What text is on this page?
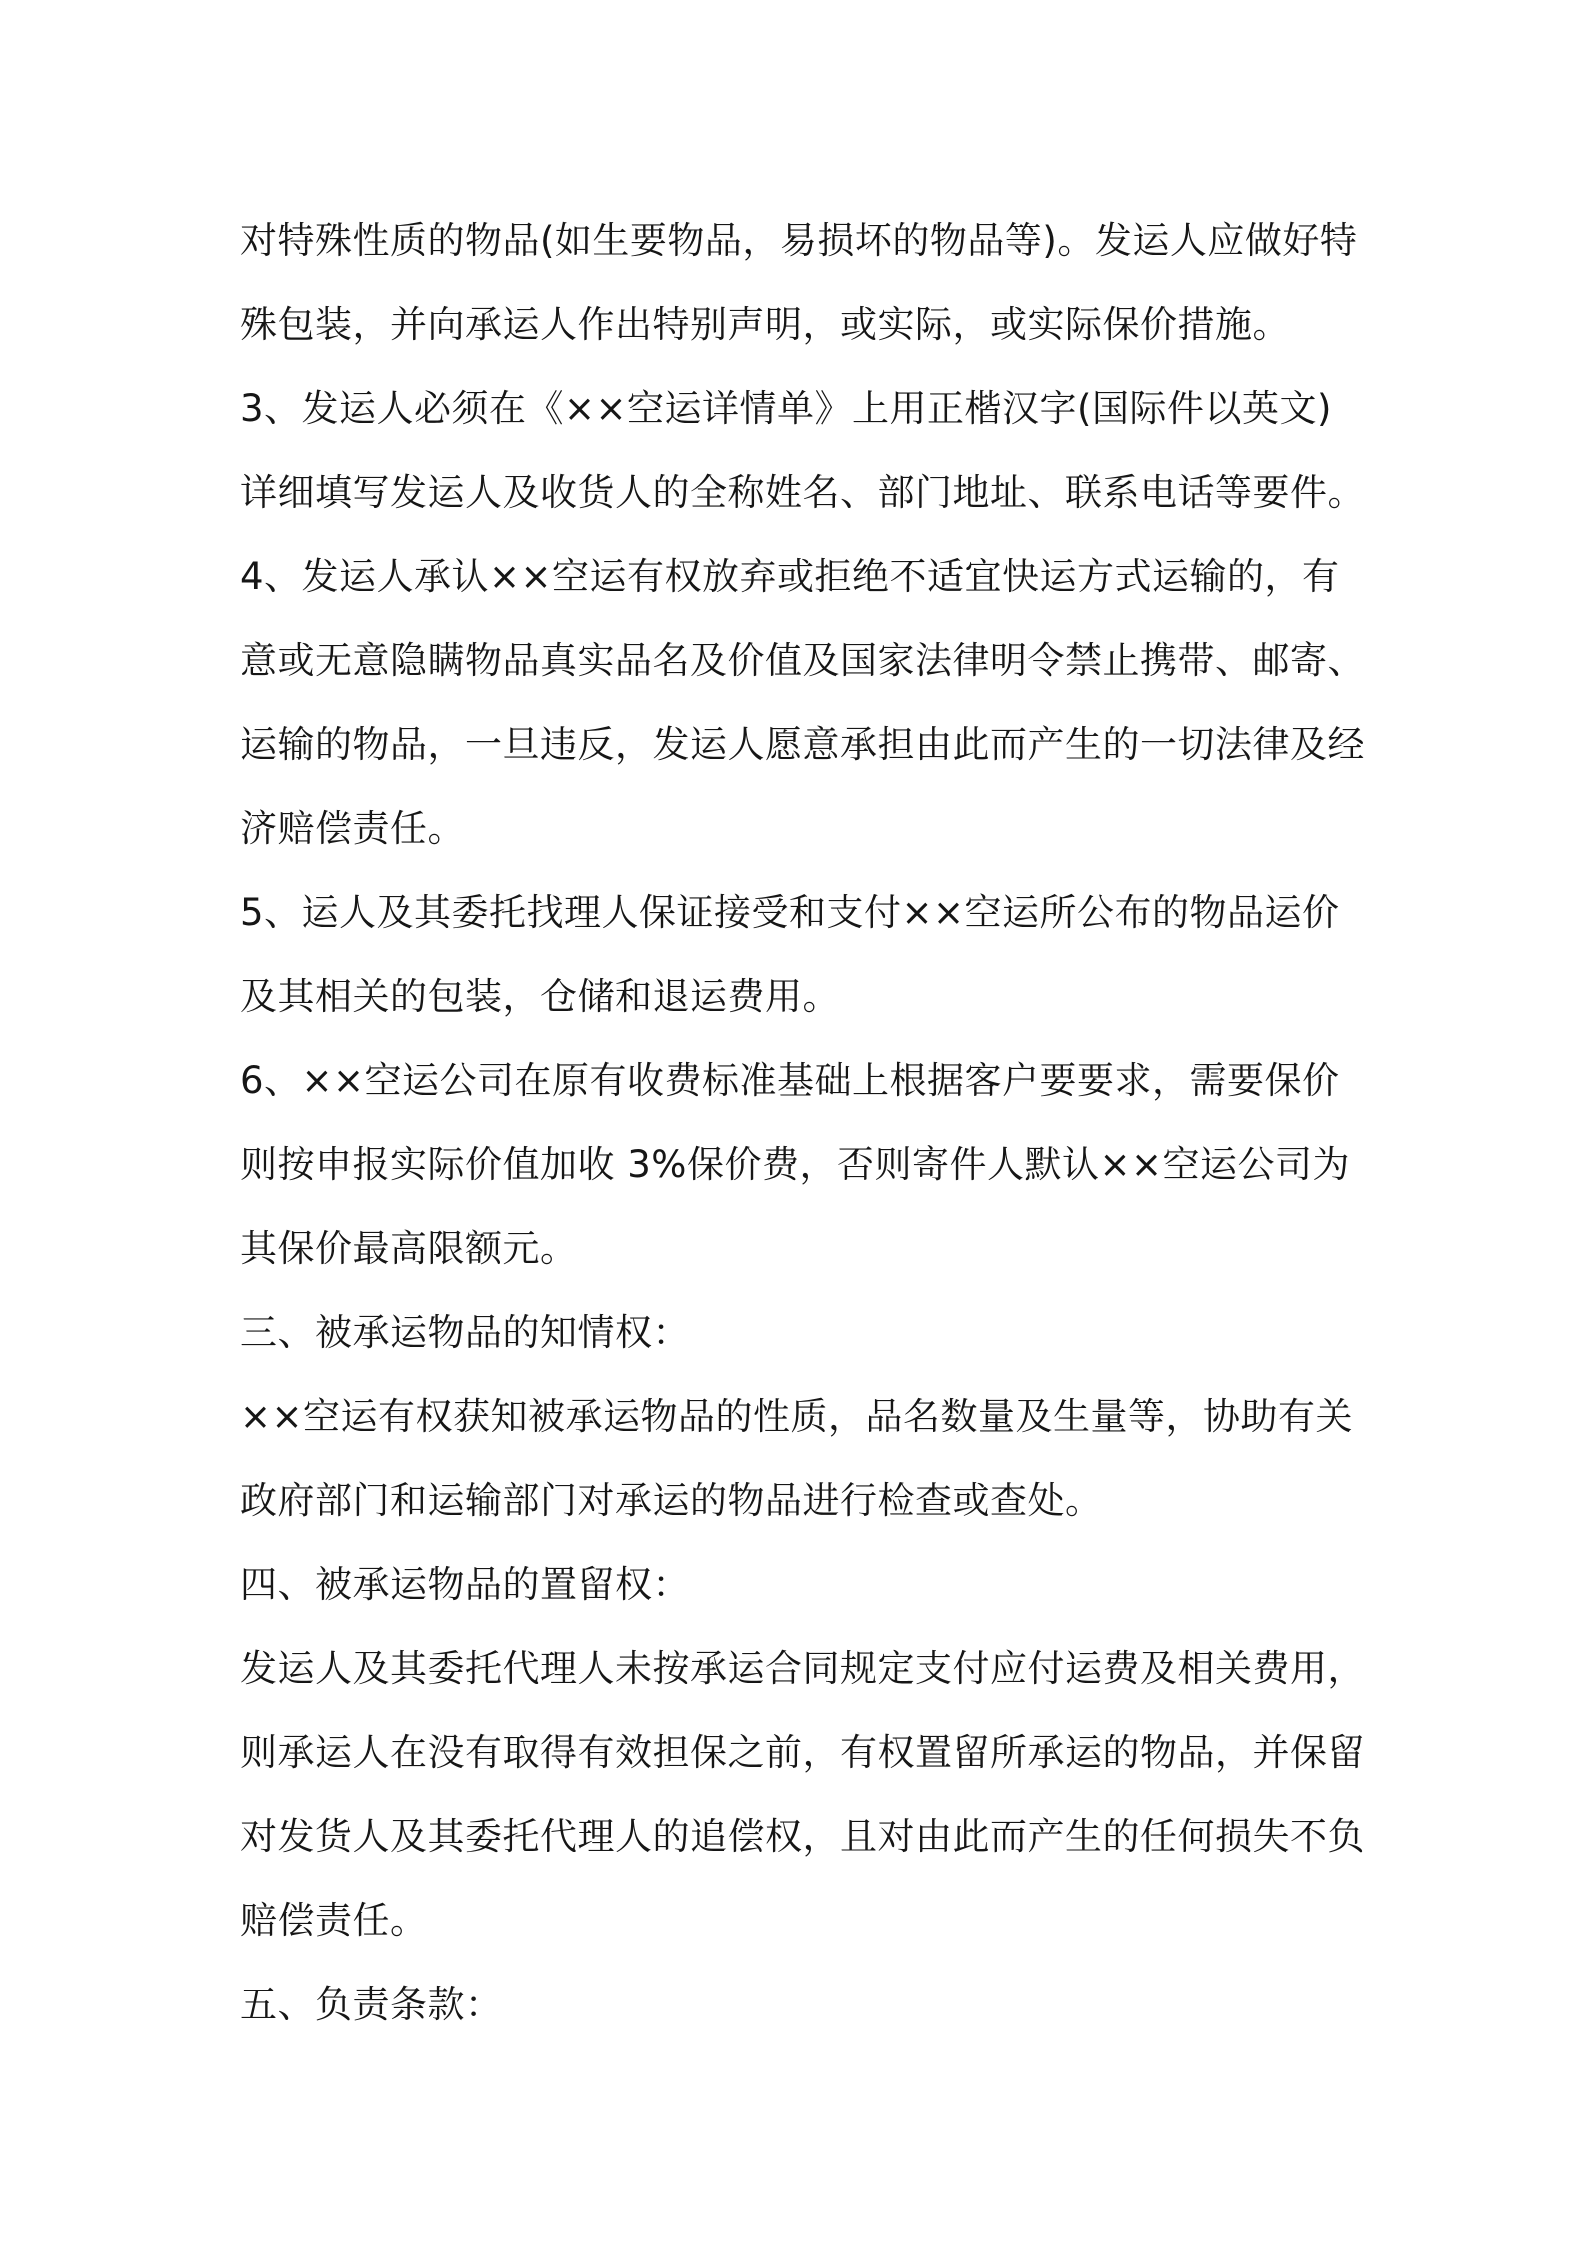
对特殊性质的物品(如生要物品，易损坏的物品等)。发运人应做好特
殊包装，并向承运人作出特别声明，或实际，或实际保价措施。
3、发运人必须在《××空运详情单》上用正楷汉字(国际件以英文)
详细填写发运人及收货人的全称姓名、部门地址、联系电话等要件。
4、发运人承认××空运有权放弃或拒绝不适宜快运方式运输的，有
意或无意隐瞒物品真实品名及价值及国家法律明令禁止携带、邮寄、
运输的物品，一旦违反，发运人愿意承担由此而产生的一切法律及经
济赔偿责任。
5、运人及其委托找理人保证接受和支付××空运所公布的物品运价
及其相关的包装，仓储和退运费用。
6、××空运公司在原有收费标准基础上根据客户要要求，需要保价
则按申报实际价值加收 3%保价费，否则寄件人默认××空运公司为
其保价最高限额元。
三、被承运物品的知情权：
××空运有权获知被承运物品的性质，品名数量及生量等，协助有关
政府部门和运输部门对承运的物品进行检查或查处。
四、被承运物品的置留权：
发运人及其委托代理人未按承运合同规定支付应付运费及相关费用，
则承运人在没有取得有效担保之前，有权置留所承运的物品，并保留
对发货人及其委托代理人的追偿权，且对由此而产生的任何损失不负
赔偿责任。
五、负责条款：
